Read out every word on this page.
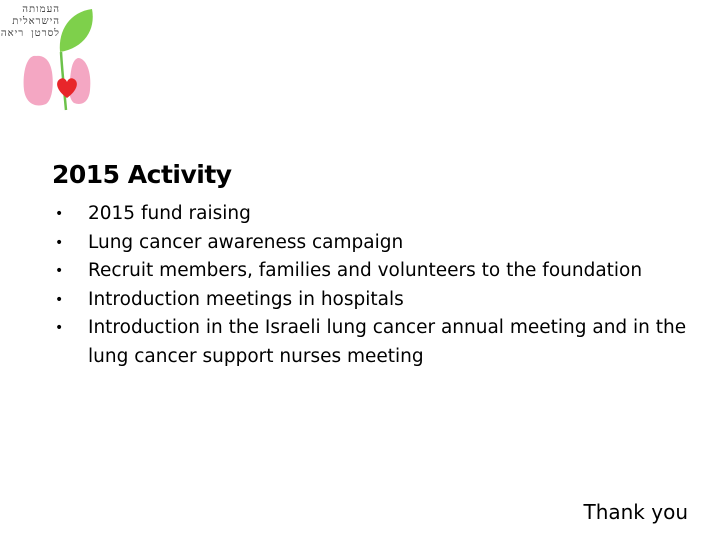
העמותה
הישראלית
לסרטן ריאה
2015 Activity
•	2015 fund raising
•	Lung cancer awareness campaign
•	Recruit members, families and volunteers to the foundation
•	Introduction meetings in hospitals
•	Introduction in the Israeli lung cancer annual meeting and in the lung cancer support nurses meeting
Thank you
